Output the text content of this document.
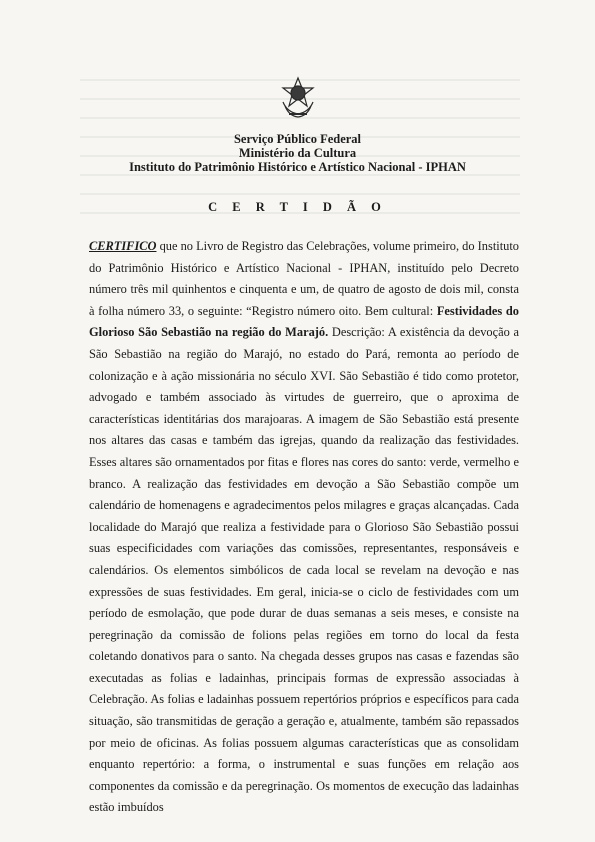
Serviço Público Federal
Ministério da Cultura
Instituto do Patrimônio Histórico e Artístico Nacional - IPHAN
C E R T I D Ã O
CERTIFICO que no Livro de Registro das Celebrações, volume primeiro, do Instituto do Patrimônio Histórico e Artístico Nacional - IPHAN, instituído pelo Decreto número três mil quinhentos e cinquenta e um, de quatro de agosto de dois mil, consta à folha número 33, o seguinte: “Registro número oito. Bem cultural: Festividades do Glorioso São Sebastião na região do Marajó. Descrição: A existência da devoção a São Sebastião na região do Marajó, no estado do Pará, remonta ao período de colonização e à ação missionária no século XVI. São Sebastião é tido como protetor, advogado e também associado às virtudes de guerreiro, que o aproxima de características identitárias dos marajoaras. A imagem de São Sebastião está presente nos altares das casas e também das igrejas, quando da realização das festividades. Esses altares são ornamentados por fitas e flores nas cores do santo: verde, vermelho e branco. A realização das festividades em devoção a São Sebastião compõe um calendário de homenagens e agradecimentos pelos milagres e graças alcançadas. Cada localidade do Marajó que realiza a festividade para o Glorioso São Sebastião possui suas especificidades com variações das comissões, representantes, responsáveis e calendários. Os elementos simbólicos de cada local se revelam na devoção e nas expressões de suas festividades. Em geral, inicia-se o ciclo de festividades com um período de esmolação, que pode durar de duas semanas a seis meses, e consiste na peregrinação da comissão de folions pelas regiões em torno do local da festa coletando donativos para o santo. Na chegada desses grupos nas casas e fazendas são executadas as folias e ladainhas, principais formas de expressão associadas à Celebração. As folias e ladainhas possuem repertórios próprios e específicos para cada situação, são transmitidas de geração a geração e, atualmente, também são repassados por meio de oficinas. As folias possuem algumas características que as consolidam enquanto repertório: a forma, o instrumental e suas funções em relação aos componentes da comissão e da peregrinação. Os momentos de execução das ladainhas estão imbuídos
